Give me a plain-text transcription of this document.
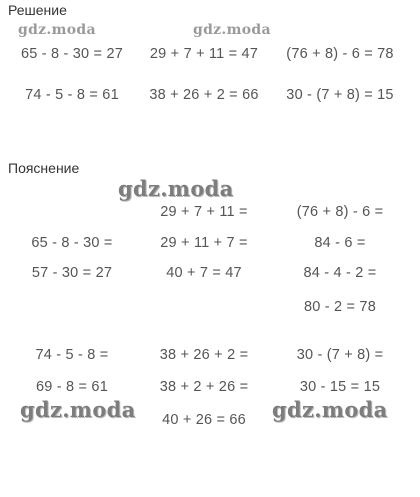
Решение
Пояснение
gdz.moda	gdz.moda
65 - 8 - 30 = 27 29 + 7 + 11 = 47 (76 + 8) - 6 = 78
74 - 5 - 8 = 61 38 + 26 + 2 = 66 30 - (7 + 8) = 15
gdz.moda
65 - 8 - 30 =
57 - 30 = 27
29 + 7 + 11 =
29 + 11 + 7 =
40 + 7 = 47
(76 + 8) - 6 =
84 - 6 =
84 - 4 - 2 =
80 - 2 = 78
74 - 5 - 8 =
69 - 8 = 61
38 + 26 + 2 =
38 + 2 + 26 =
40 + 26 = 66
30 - (7 + 8) =
30 - 15 = 15
gdz.moda	gdz.moda
